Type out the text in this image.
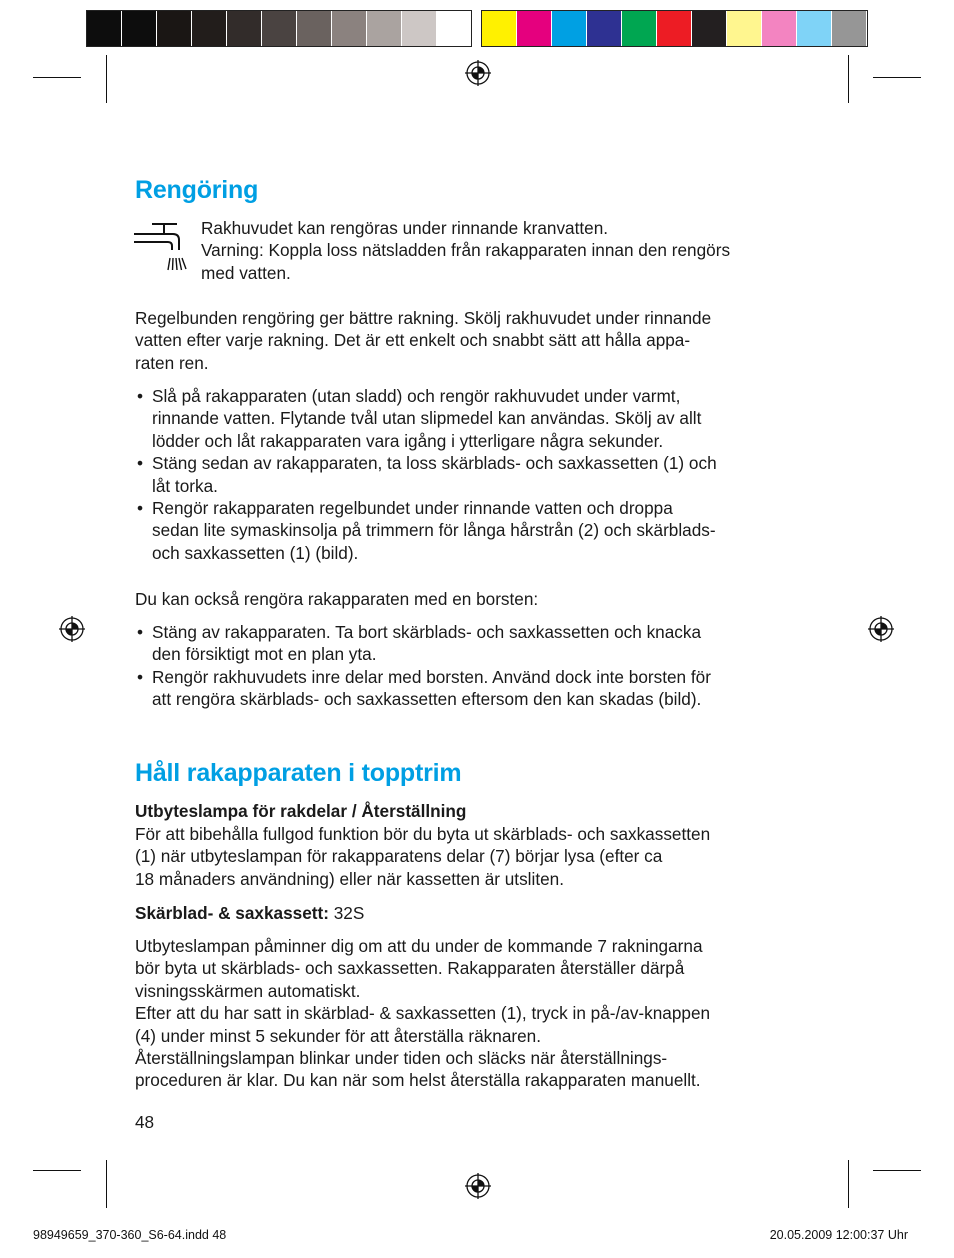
Rengöring
Rakhuvudet kan rengöras under rinnande kranvatten.
Varning: Koppla loss nätsladden från rakapparaten innan den rengörs
med vatten.
Regelbunden rengöring ger bättre rakning. Skölj rakhuvudet under rinnande
vatten efter varje rakning. Det är ett enkelt och snabbt sätt att hålla appa-
raten ren.
• Slå på rakapparaten (utan sladd) och rengör rakhuvudet under varmt,
rinnande vatten. Flytande tvål utan slipmedel kan användas. Skölj av allt
lödder och låt rakapparaten vara igång i ytterligare några sekunder.
• Stäng sedan av rakapparaten, ta loss skärblads- och saxkassetten (1) och
låt torka.
• Rengör rakapparaten regelbundet under rinnande vatten och droppa
sedan lite symaskinsolja på trimmern för långa hårstrån (2) och skärblads-
och saxkassetten (1) (bild).

Du kan också rengöra rakapparaten med en borsten:

• Stäng av rakapparaten. Ta bort skärblads- och saxkassetten och knacka
den försiktigt mot en plan yta.
• Rengör rakhuvudets inre delar med borsten. Använd dock inte borsten för
att rengöra skärblads- och saxkassetten eftersom den kan skadas (bild).
Håll rakapparaten i topptrim

Utbyteslampa för rakdelar / Återställning

För att bibehålla fullgod funktion bör du byta ut skärblads- och saxkassetten
(1) när utbyteslampan för rakapparatens delar (7) börjar lysa (efter ca
18 månaders användning) eller när kassetten är utsliten.

Skärblad- & saxkassett: 32S

Utbyteslampan påminner dig om att du under de kommande 7 rakningarna
bör byta ut skärblads- och saxkassetten. Rakapparaten återställer därpå
visningsskärmen automatiskt.
Efter att du har satt in skärblad- & saxkassetten (1), tryck in på-/av-knappen
(4) under minst 5 sekunder för att återställa räknaren.
Återställningslampan blinkar under tiden och släcks när återställnings-
proceduren är klar. Du kan när som helst återställa rakapparaten manuellt.

48

98949659_370-360_S6-64.indd 48	20.05.2009 12:00:37 Uhr
